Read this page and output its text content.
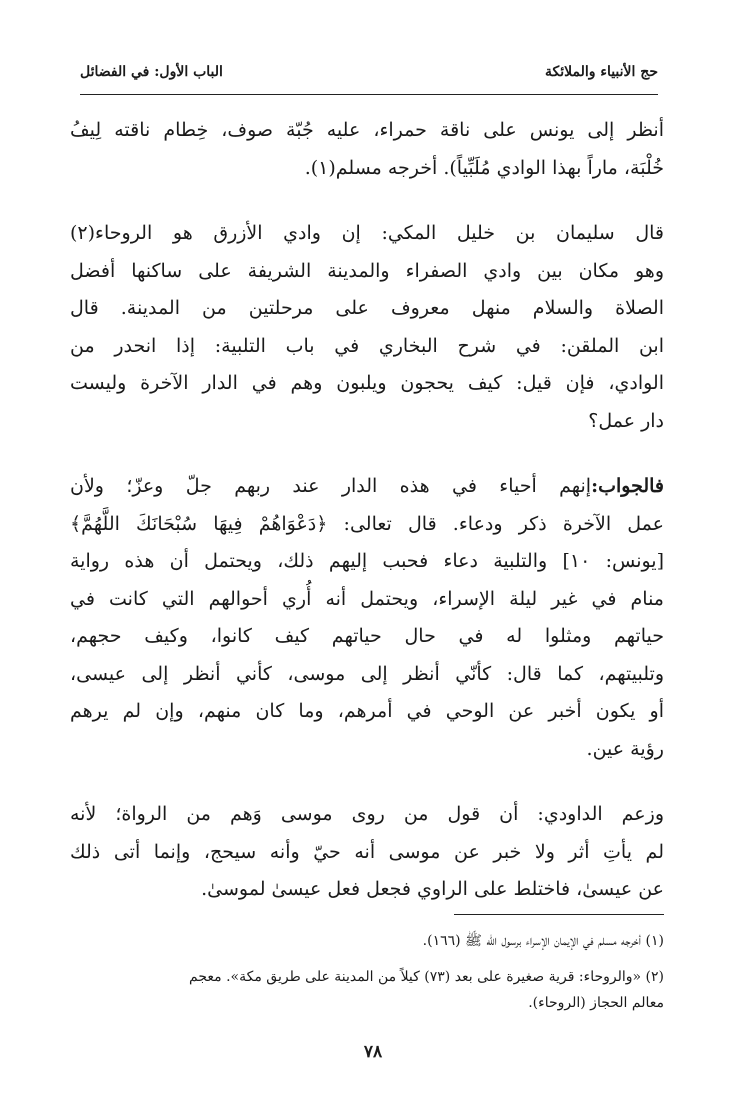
حج الأنبياء والملائكة
الباب الأول: في الفضائل
أنظر إلى يونس على ناقة حمراء، عليه جُبّة صوف، خِطام ناقته لِيفُ
خُلْبَة، ماراً بهذا الوادي مُلَبِّياً). أخرجه مسلم(١).
قال سليمان بن خليل المكي: إن وادي الأزرق هو الروحاء(٢)
وهو مكان بين وادي الصفراء والمدينة الشريفة على ساكنها أفضل
الصلاة والسلام منهل معروف على مرحلتين من المدينة. قال
ابن الملقن: في شرح البخاري في باب التلبية: إذا انحدر من
الوادي، فإن قيل: كيف يحجون ويلبون وهم في الدار الآخرة وليست
دار عمل؟
فالجواب:إنهم أحياء في هذه الدار عند ربهم جلّ وعزّ؛ ولأن
عمل الآخرة ذكر ودعاء. قال تعالى: ﴿دَعْوَاهُمْ فِيهَا سُبْحَانَكَ اللَّهُمَّ﴾
[يونس: ١٠] والتلبية دعاء فحبب إليهم ذلك، ويحتمل أن هذه رواية
منام في غير ليلة الإسراء، ويحتمل أنه أُري أحوالهم التي كانت في
حياتهم ومثلوا له في حال حياتهم كيف كانوا، وكيف حجهم،
وتلبيتهم، كما قال: كأنّي أنظر إلى موسى، كأني أنظر إلى عيسى،
أو يكون أخبر عن الوحي في أمرهم، وما كان منهم، وإن لم يرهم
رؤية عين.
وزعم الداودي: أن قول من روى موسى وَهم من الرواة؛ لأنه
لم يأتِ أثر ولا خبر عن موسى أنه حيّ وأنه سيحج، وإنما أتى ذلك
عن عيسىٰ، فاختلط على الراوي فجعل فعل عيسىٰ لموسىٰ.
(١) أخرجه مسلم في الإيمان الإسراء برسول الله ﷺ (١٦٦).
(٢) «والروحاء: قرية صغيرة على بعد (٧٣) كيلاً من المدينة على طريق مكة». معجم
معالم الحجاز (الروحاء).
٧٨
